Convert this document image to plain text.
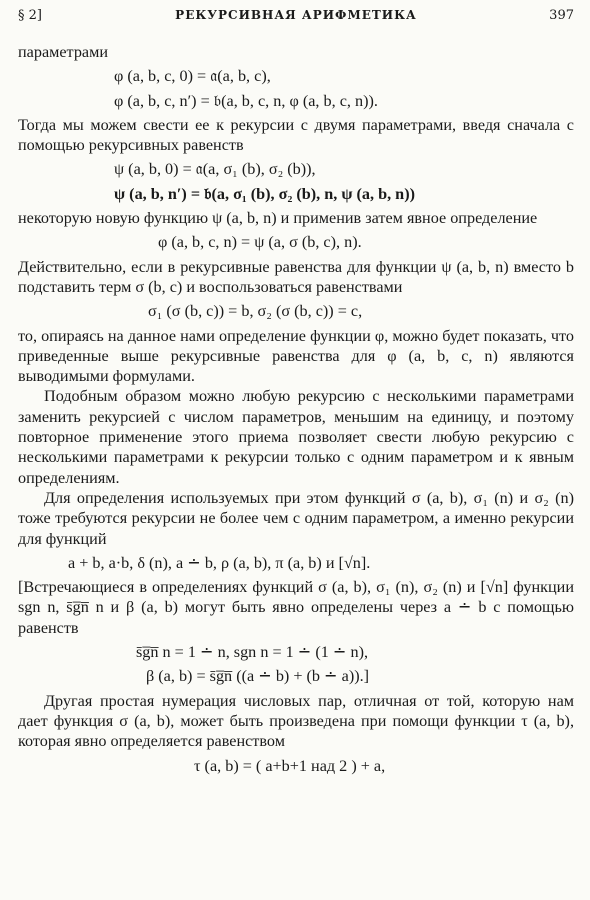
§ 2]	РЕКУРСИВНАЯ АРИФМЕТИКА	397

параметрами

φ (a, b, c, 0) = 𝔞(a, b, c),
φ (a, b, c, n′) = 𝔟(a, b, c, n, φ (a, b, c, n)).

Тогда мы можем свести ее к рекурсии с двумя параметрами, введя сначала с помощью рекурсивных равенств

ψ (a, b, 0) = 𝔞(a, σ₁ (b), σ₂ (b)),
ψ (a, b, n′) = 𝔟(a, σ₁ (b), σ₂ (b), n, ψ (a, b, n))

некоторую новую функцию ψ (a, b, n) и применив затем явное определение

φ (a, b, c, n) = ψ (a, σ (b, c), n).

Действительно, если в рекурсивные равенства для функции ψ (a, b, n) вместо b подставить терм σ (b, c) и воспользоваться равенствами

σ₁ (σ (b, c)) = b, σ₂ (σ (b, c)) = c,

то, опираясь на данное нами определение функции φ, можно будет показать, что приведенные выше рекурсивные равенства для φ (a, b, c, n) являются выводимыми формулами.

Подобным образом можно любую рекурсию с несколькими параметрами заменить рекурсией с числом параметров, меньшим на единицу, и поэтому повторное применение этого приема позволяет свести любую рекурсию с несколькими параметрами к рекурсии только с одним параметром и к явным определениям.

Для определения используемых при этом функций σ (a, b), σ₁ (n) и σ₂ (n) тоже требуются рекурсии не более чем с одним параметром, а именно рекурсии для функций

a + b, a·b, δ (n), a ∸ b, ρ (a, b), π (a, b) и [√n].

[Встречающиеся в определениях функций σ (a, b), σ₁ (n), σ₂ (n) и [√n] функции sgn n, s̄g̅n̅ n и β (a, b) могут быть явно определены через a ∸ b с помощью равенств

s̄g̅n̅ n = 1 ∸ n, sgn n = 1 ∸ (1 ∸ n),
β (a, b) = s̄g̅n̅ ((a ∸ b) + (b ∸ a)).]

Другая простая нумерация числовых пар, отличная от той, которую нам дает функция σ (a, b), может быть произведена при помощи функции τ (a, b), которая явно определяется равенством

τ (a, b) = ( a+b+1 над 2 ) + a,
